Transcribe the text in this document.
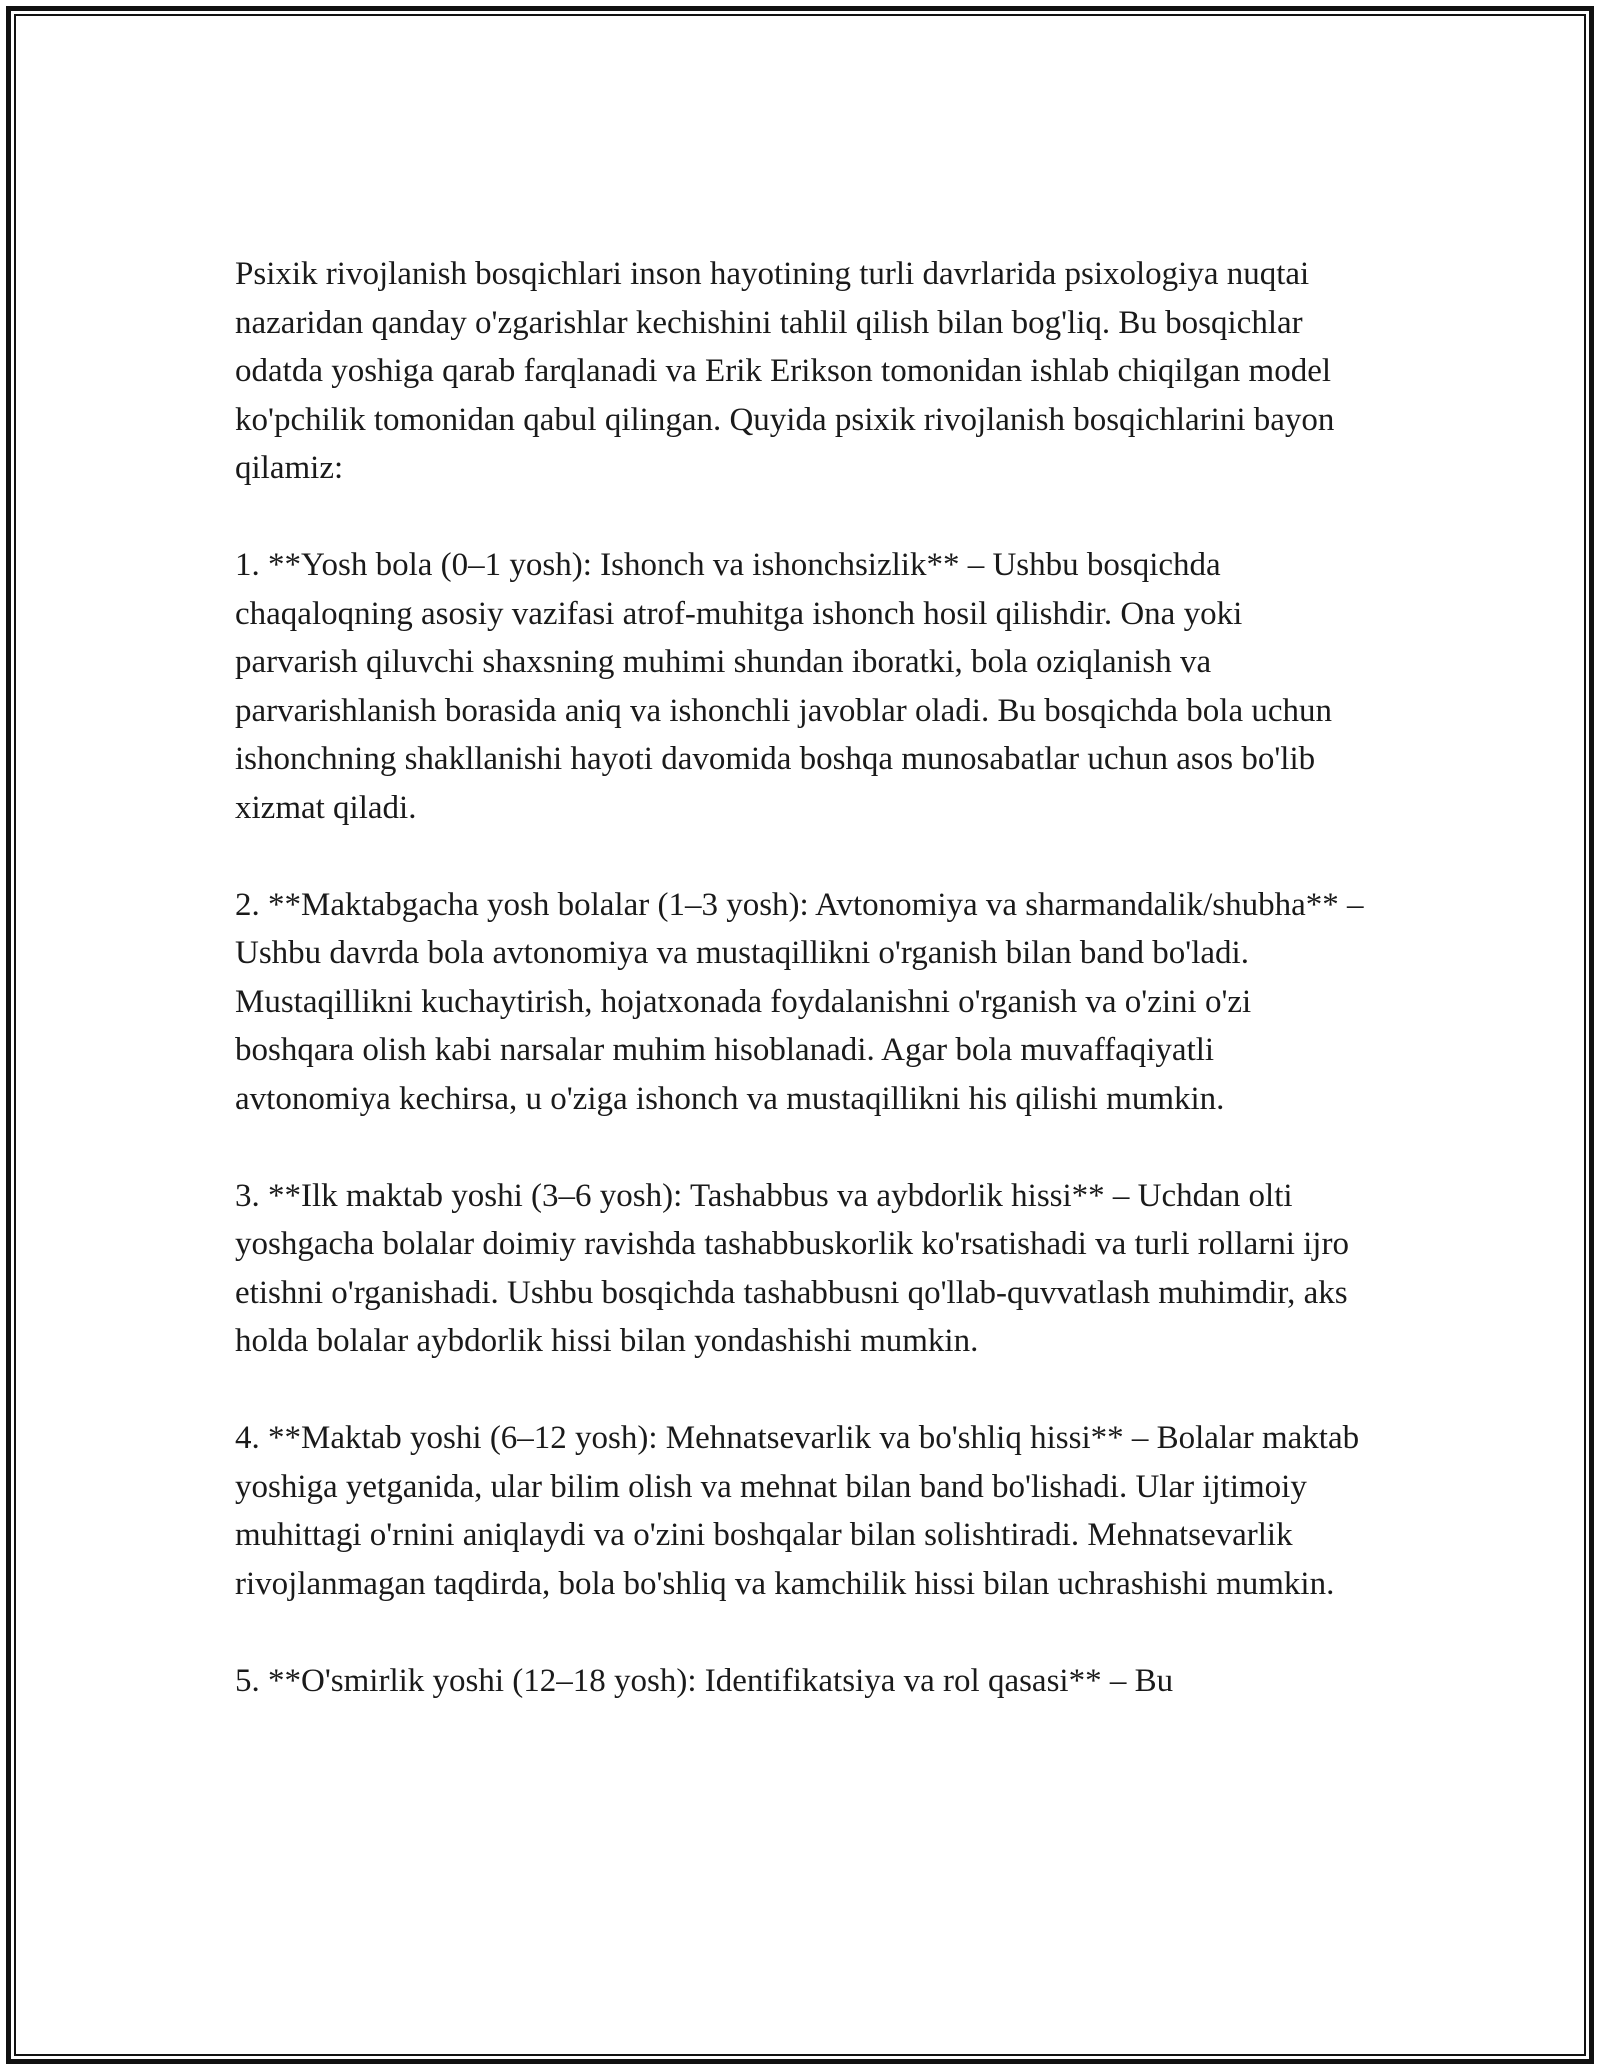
Psixik rivojlanish bosqichlari inson hayotining turli davrlarida psixologiya nuqtai nazaridan qanday o'zgarishlar kechishini tahlil qilish bilan bog'liq. Bu bosqichlar odatda yoshiga qarab farqlanadi va Erik Erikson tomonidan ishlab chiqilgan model ko'pchilik tomonidan qabul qilingan. Quyida psixik rivojlanish bosqichlarini bayon qilamiz:

1. **Yosh bola (0–1 yosh): Ishonch va ishonchsizlik** – Ushbu bosqichda chaqaloqning asosiy vazifasi atrof-muhitga ishonch hosil qilishdir. Ona yoki parvarish qiluvchi shaxsning muhimi shundan iboratki, bola oziqlanish va parvarishlanish borasida aniq va ishonchli javoblar oladi. Bu bosqichda bola uchun ishonchning shakllanishi hayoti davomida boshqa munosabatlar uchun asos bo'lib xizmat qiladi.

2. **Maktabgacha yosh bolalar (1–3 yosh): Avtonomiya va sharmandalik/shubha** – Ushbu davrda bola avtonomiya va mustaqillikni o'rganish bilan band bo'ladi. Mustaqillikni kuchaytirish, hojatxonada foydalanishni o'rganish va o'zini o'zi boshqara olish kabi narsalar muhim hisoblanadi. Agar bola muvaffaqiyatli avtonomiya kechirsa, u o'ziga ishonch va mustaqillikni his qilishi mumkin.

3. **Ilk maktab yoshi (3–6 yosh): Tashabbus va aybdorlik hissi** – Uchdan olti yoshgacha bolalar doimiy ravishda tashabbuskorlik ko'rsatishadi va turli rollarni ijro etishni o'rganishadi. Ushbu bosqichda tashabbusni qo'llab-quvvatlash muhimdir, aks holda bolalar aybdorlik hissi bilan yondashishi mumkin.

4. **Maktab yoshi (6–12 yosh): Mehnatsevarlik va bo'shliq hissi** – Bolalar maktab yoshiga yetganida, ular bilim olish va mehnat bilan band bo'lishadi. Ular ijtimoiy muhittagi o'rnini aniqlaydi va o'zini boshqalar bilan solishtiradi. Mehnatsevarlik rivojlanmagan taqdirda, bola bo'shliq va kamchilik hissi bilan uchrashishi mumkin.

5. **O'smirlik yoshi (12–18 yosh): Identifikatsiya va rol qasasi** – Bu
